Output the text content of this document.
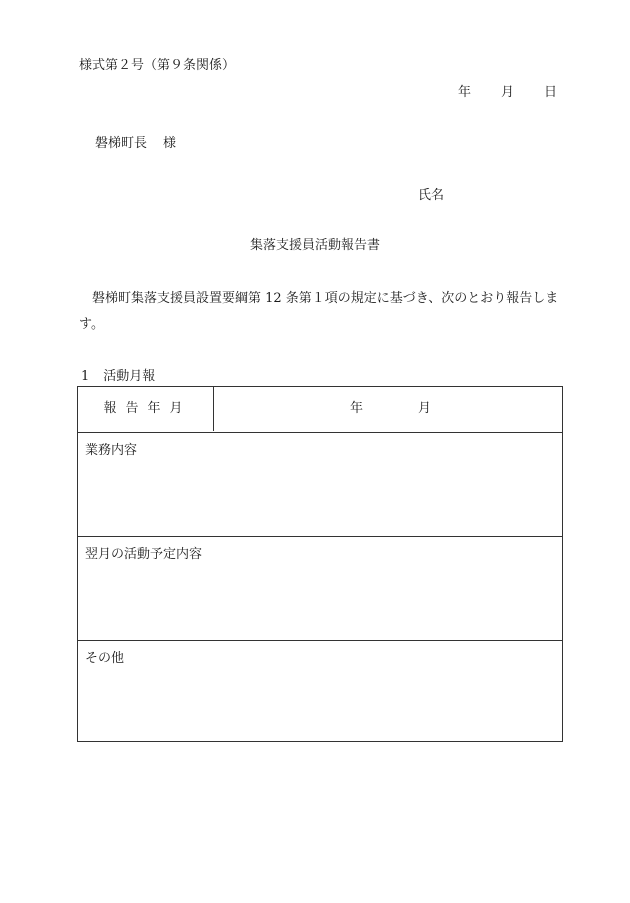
様式第２号（第９条関係）
年 月 日
磐梯町長 様
氏名
集落支援員活動報告書
磐梯町集落支援員設置要綱第 12 条第１項の規定に基づき、次のとおり報告します。
1 活動月報
報告年月	年	月
業務内容
翌月の活動予定内容
その他
